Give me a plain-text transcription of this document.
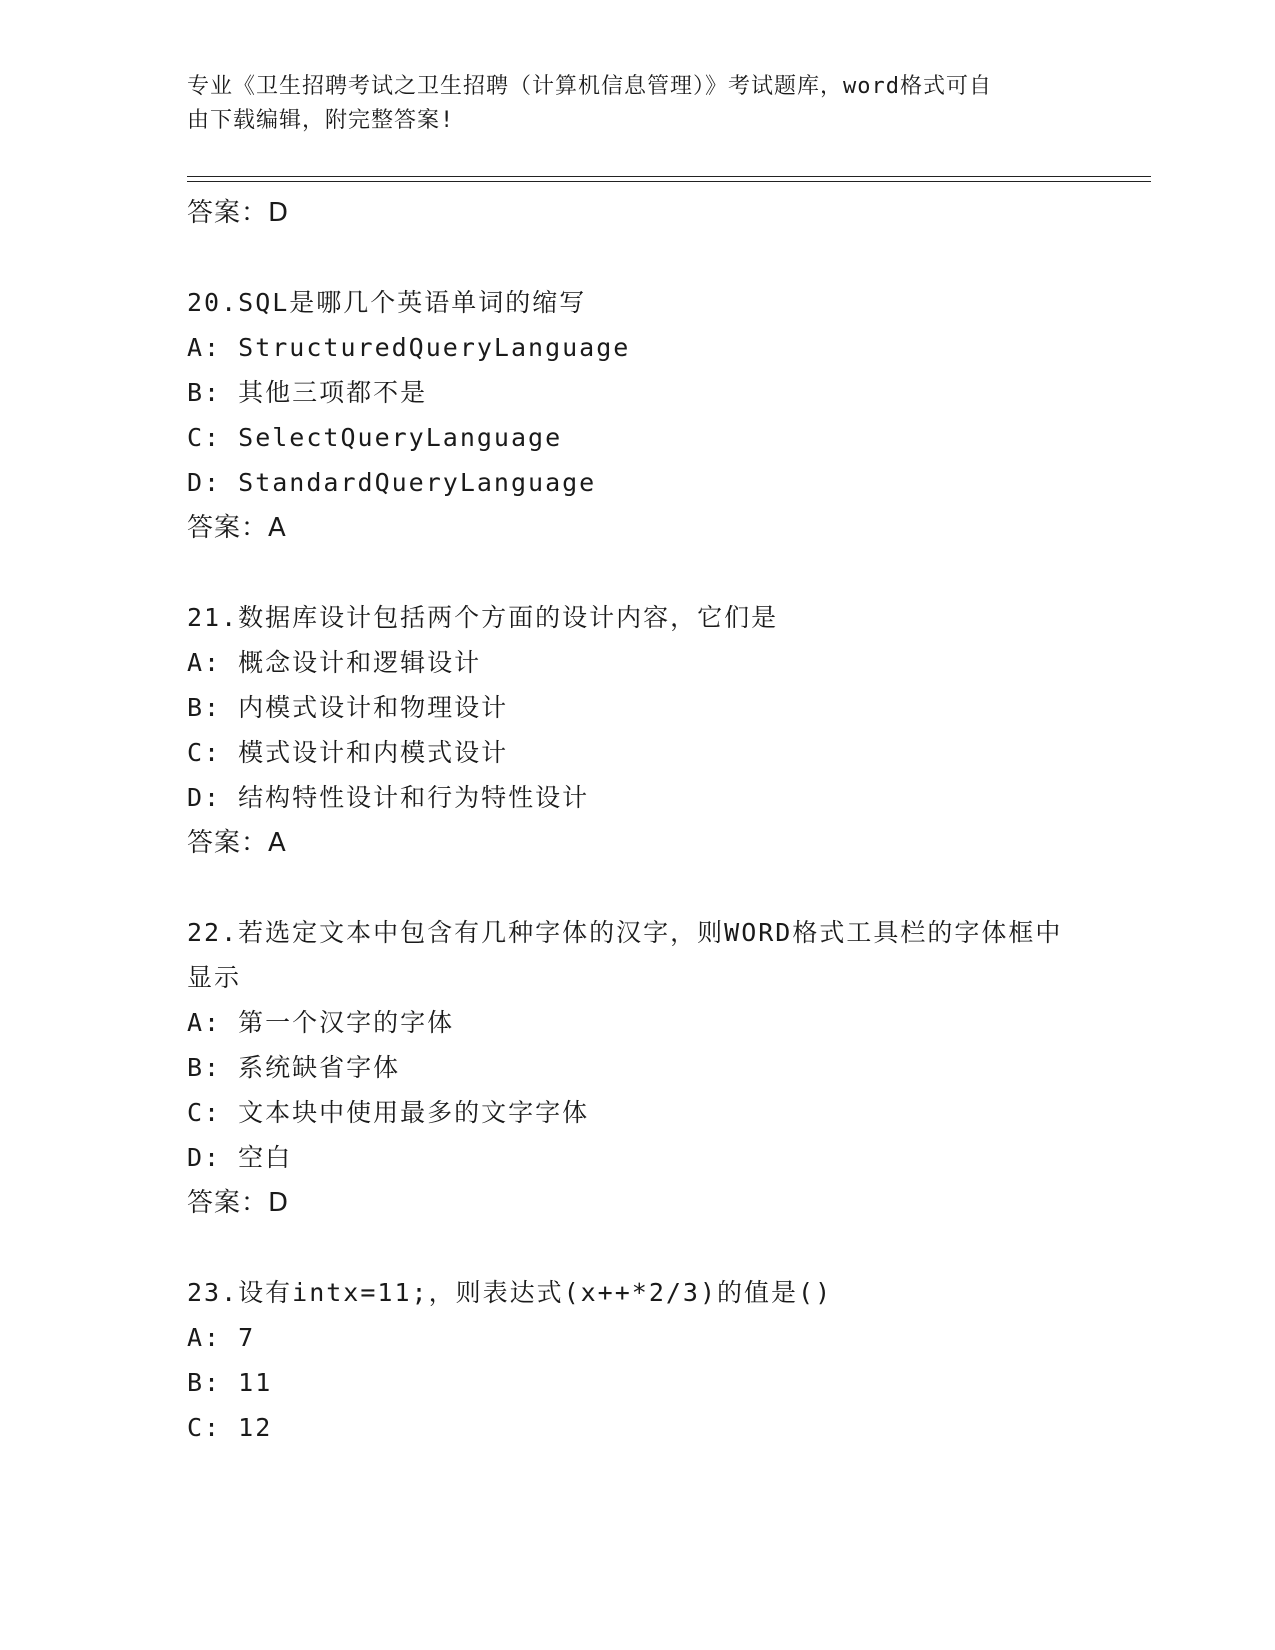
专业《卫生招聘考试之卫生招聘（计算机信息管理）》考试题库，word格式可自
由下载编辑，附完整答案!
答案：D
20.SQL是哪几个英语单词的缩写
A: StructuredQueryLanguage
B: 其他三项都不是
C: SelectQueryLanguage
D: StandardQueryLanguage
答案：A
21.数据库设计包括两个方面的设计内容，它们是
A: 概念设计和逻辑设计
B: 内模式设计和物理设计
C: 模式设计和内模式设计
D: 结构特性设计和行为特性设计
答案：A
22.若选定文本中包含有几种字体的汉字，则WORD格式工具栏的字体框中显示
A: 第一个汉字的字体
B: 系统缺省字体
C: 文本块中使用最多的文字字体
D: 空白
答案：D
23.设有intx=11;，则表达式(x++*2/3)的值是()
A: 7
B: 11
C: 12
